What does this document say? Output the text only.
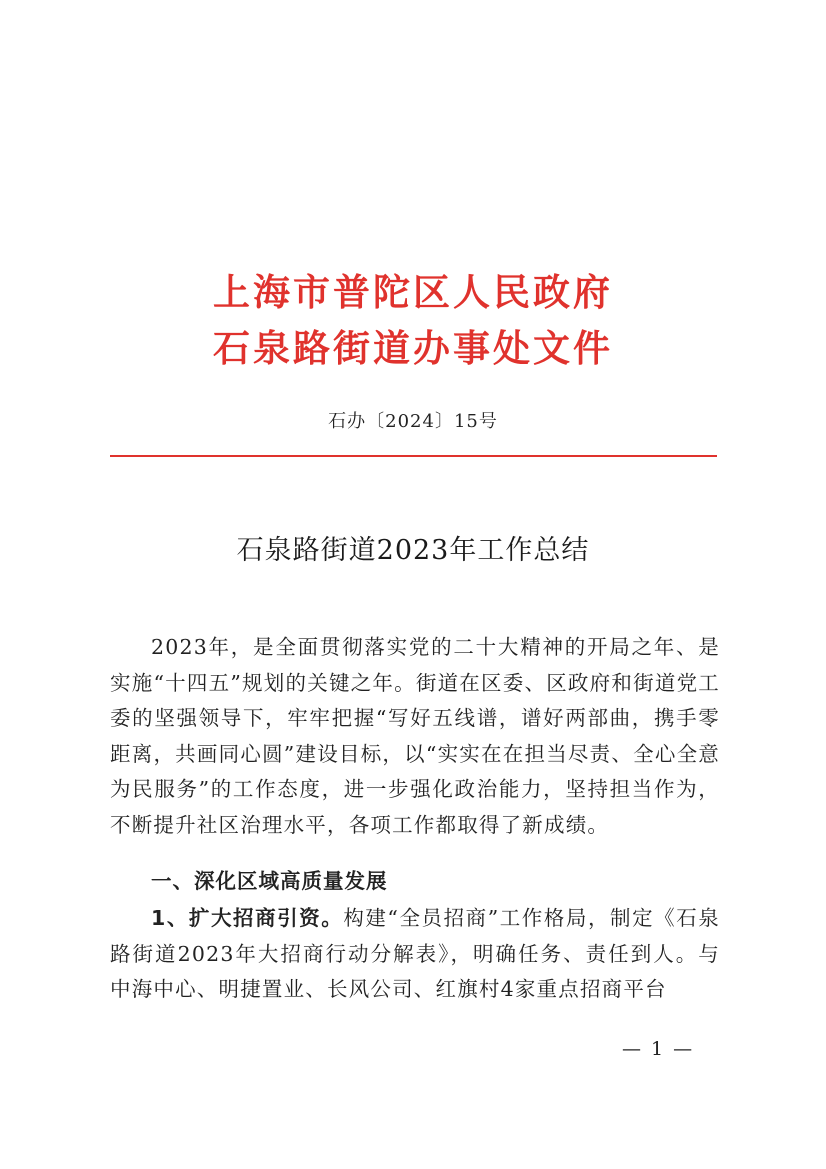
上海市普陀区人民政府
石泉路街道办事处文件
石办〔2024〕15号
石泉路街道2023年工作总结

2023年，是全面贯彻落实党的二十大精神的开局之年、是实施“十四五”规划的关键之年。街道在区委、区政府和街道党工委的坚强领导下，牢牢把握“写好五线谱，谱好两部曲，携手零距离，共画同心圆”建设目标，以“实实在在担当尽责、全心全意为民服务”的工作态度，进一步强化政治能力，坚持担当作为，不断提升社区治理水平，各项工作都取得了新成绩。

一、深化区域高质量发展

1、扩大招商引资。构建“全员招商”工作格局，制定《石泉路街道2023年大招商行动分解表》，明确任务、责任到人。与中海中心、明捷置业、长风公司、红旗村4家重点招商平台

— 1 —
